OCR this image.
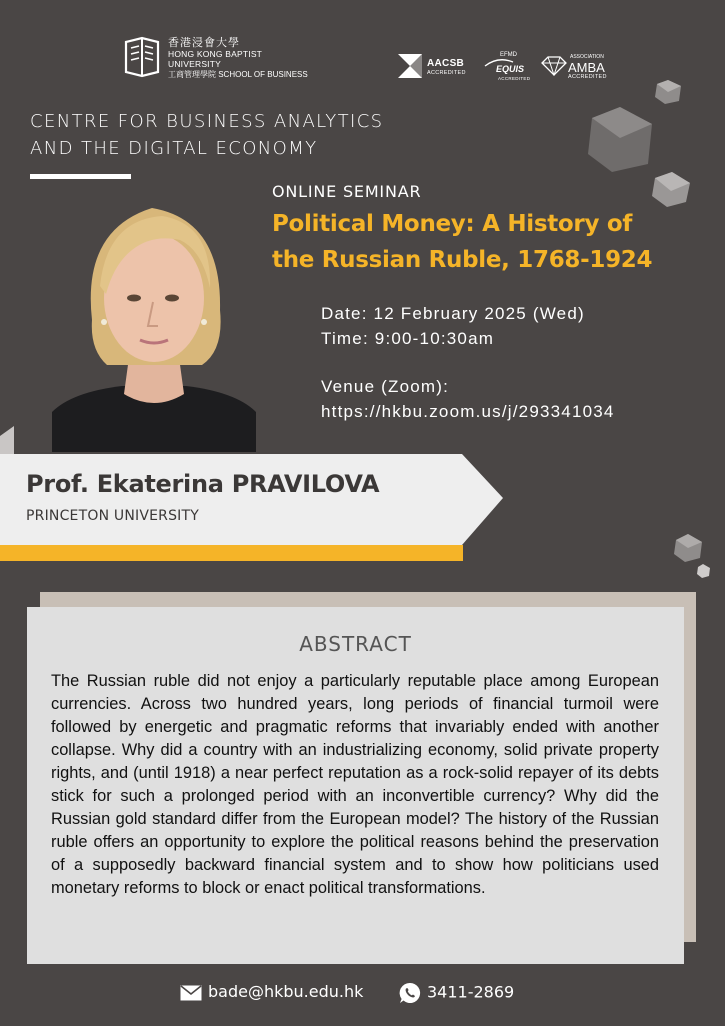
香港浸會大學
HONG KONG BAPTIST UNIVERSITY
工商管理學院 SCHOOL OF BUSINESS
AACSB
ACCREDITED
EFMD
EQUIS
ACCREDITED
ASSOCIATION
AMBA
ACCREDITED
CENTRE FOR BUSINESS ANALYTICS
AND THE DIGITAL ECONOMY
ONLINE SEMINAR
Political Money: A History of
the Russian Ruble, 1768-1924
Date: 12 February 2025 (Wed)
Time: 9:00-10:30am
Venue (Zoom):
https://hkbu.zoom.us/j/293341034
Prof. Ekaterina PRAVILOVA
PRINCETON UNIVERSITY
ABSTRACT
The Russian ruble did not enjoy a particularly reputable place among European currencies. Across two hundred years, long periods of financial turmoil were followed by energetic and pragmatic reforms that invariably ended with another collapse. Why did a country with an industrializing economy, solid private property rights, and (until 1918) a near perfect reputation as a rock-solid repayer of its debts stick for such a prolonged period with an inconvertible currency? Why did the Russian gold standard differ from the European model? The history of the Russian ruble offers an opportunity to explore the political reasons behind the preservation of a supposedly backward financial system and to show how politicians used monetary reforms to block or enact political transformations.
bade@hkbu.edu.hk	3411-2869
